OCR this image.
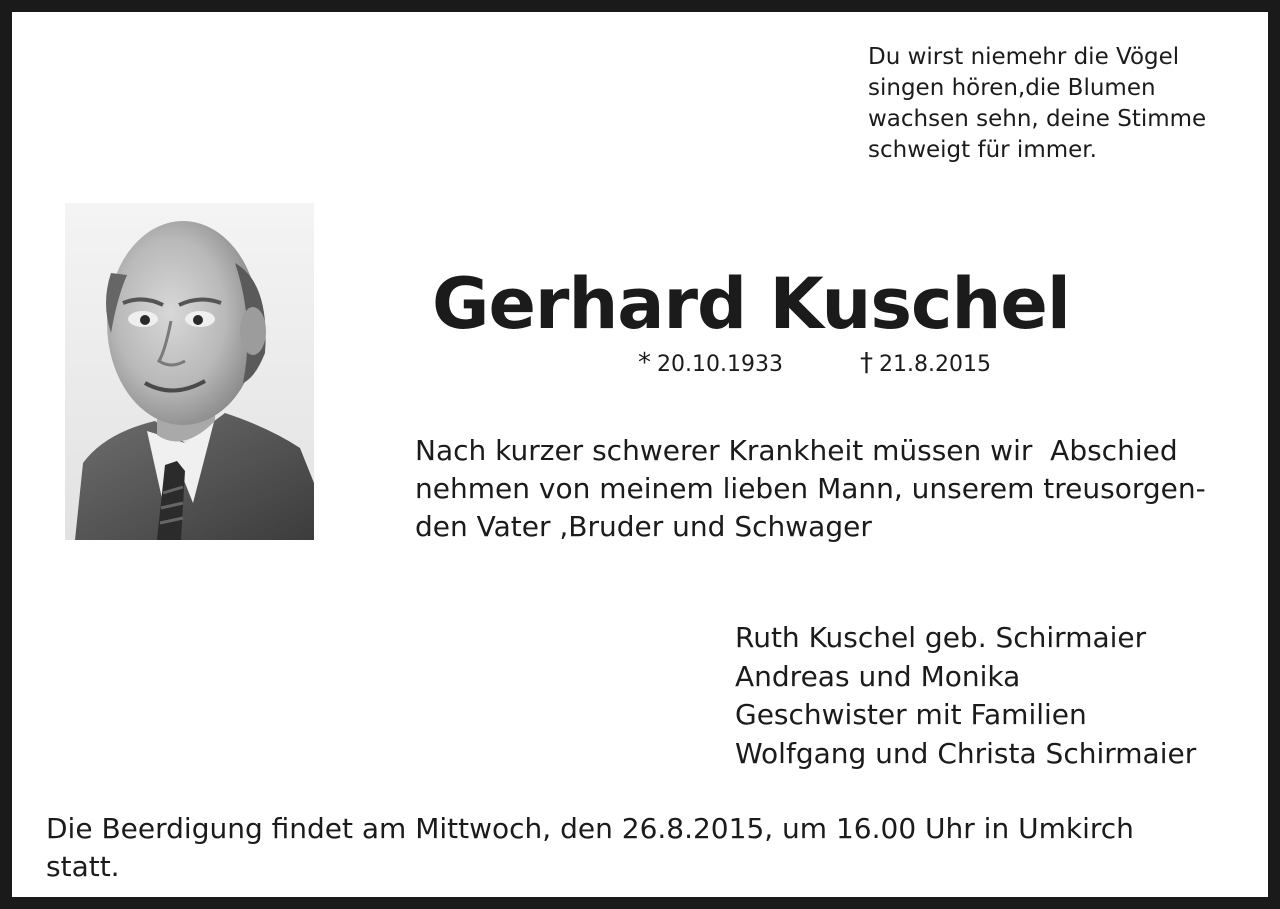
Du wirst niemehr die Vögel
singen hören,die Blumen
wachsen sehn, deine Stimme
schweigt für immer.
Gerhard Kuschel
* 20.10.1933	† 21.8.2015
Nach kurzer schwerer Krankheit müssen wir  Abschied
nehmen von meinem lieben Mann, unserem treusorgen-
den Vater ,Bruder und Schwager
Ruth Kuschel geb. Schirmaier
Andreas und Monika
Geschwister mit Familien
Wolfgang und Christa Schirmaier
Die Beerdigung findet am Mittwoch, den 26.8.2015, um 16.00 Uhr in Umkirch
statt.
